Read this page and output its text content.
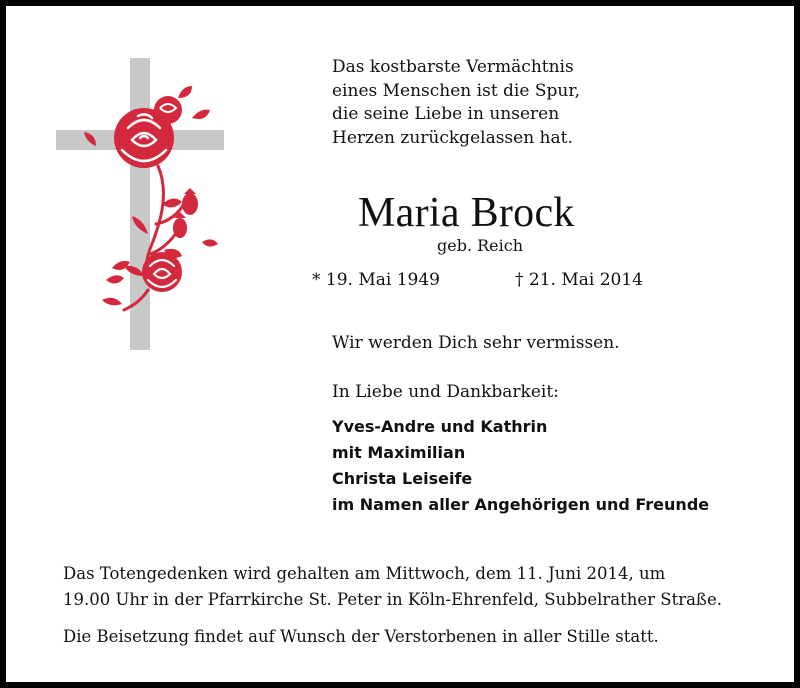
Das kostbarste Vermächtnis
eines Menschen ist die Spur,
die seine Liebe in unseren
Herzen zurückgelassen hat.
Maria Brock
geb. Reich
* 19. Mai 1949	† 21. Mai 2014
Wir werden Dich sehr vermissen.
In Liebe und Dankbarkeit:
Yves-Andre und Kathrin
mit Maximilian
Christa Leiseife
im Namen aller Angehörigen und Freunde
Das Totengedenken wird gehalten am Mittwoch, dem 11. Juni 2014, um
19.00 Uhr in der Pfarrkirche St. Peter in Köln-Ehrenfeld, Subbelrather Straße.
Die Beisetzung findet auf Wunsch der Verstorbenen in aller Stille statt.
